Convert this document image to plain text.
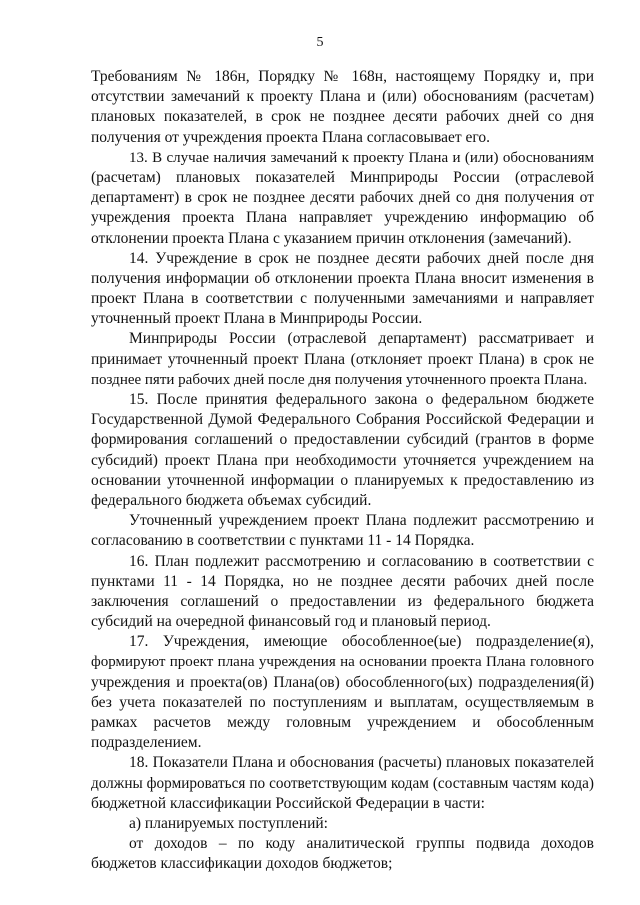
5
Требованиям № 186н, Порядку № 168н, настоящему Порядку и, при
отсутствии замечаний к проекту Плана и (или) обоснованиям (расчетам)
плановых показателей, в срок не позднее десяти рабочих дней со дня
получения от учреждения проекта Плана согласовывает его.
13. В случае наличия замечаний к проекту Плана и (или) обоснованиям
(расчетам) плановых показателей Минприроды России (отраслевой
департамент) в срок не позднее десяти рабочих дней со дня получения от
учреждения проекта Плана направляет учреждению информацию об
отклонении проекта Плана с указанием причин отклонения (замечаний).
14. Учреждение в срок не позднее десяти рабочих дней после дня
получения информации об отклонении проекта Плана вносит изменения в
проект Плана в соответствии с полученными замечаниями и направляет
уточненный проект Плана в Минприроды России.
Минприроды России (отраслевой департамент) рассматривает и
принимает уточненный проект Плана (отклоняет проект Плана) в срок не
позднее пяти рабочих дней после дня получения уточненного проекта Плана.
15. После принятия федерального закона о федеральном бюджете
Государственной Думой Федерального Собрания Российской Федерации и
формирования соглашений о предоставлении субсидий (грантов в форме
субсидий) проект Плана при необходимости уточняется учреждением на
основании уточненной информации о планируемых к предоставлению из
федерального бюджета объемах субсидий.
Уточненный учреждением проект Плана подлежит рассмотрению и
согласованию в соответствии с пунктами 11 - 14 Порядка.
16. План подлежит рассмотрению и согласованию в соответствии с
пунктами 11 - 14 Порядка, но не позднее десяти рабочих дней после
заключения соглашений о предоставлении из федерального бюджета
субсидий на очередной финансовый год и плановый период.
17. Учреждения, имеющие обособленное(ые) подразделение(я),
формируют проект плана учреждения на основании проекта Плана головного
учреждения и проекта(ов) Плана(ов) обособленного(ых) подразделения(й)
без учета показателей по поступлениям и выплатам, осуществляемым в
рамках расчетов между головным учреждением и обособленным
подразделением.
18. Показатели Плана и обоснования (расчеты) плановых показателей
должны формироваться по соответствующим кодам (составным частям кода)
бюджетной классификации Российской Федерации в части:
а) планируемых поступлений:
от доходов – по коду аналитической группы подвида доходов
бюджетов классификации доходов бюджетов;
